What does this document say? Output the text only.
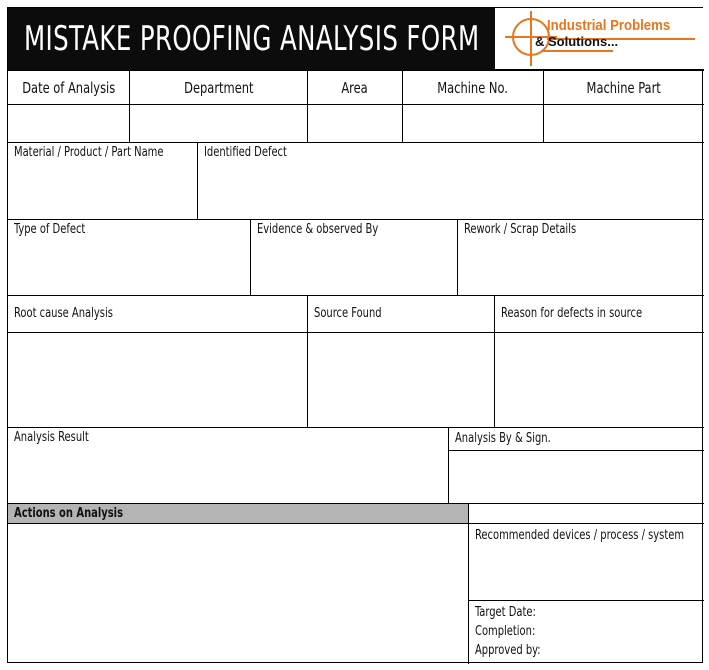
MISTAKE PROOFING ANALYSIS FORM	Industrial Problems
& Solutions...
Date of Analysis	Department	Area	Machine No.	Machine Part
Material / Product / Part Name	Identified Defect
Type of Defect	Evidence & observed By	Rework / Scrap Details
Root cause Analysis	Source Found	Reason for defects in source
Analysis Result	Analysis By & Sign.
Actions on Analysis
Recommended devices / process / system
Target Date:
Completion:
Approved by:
